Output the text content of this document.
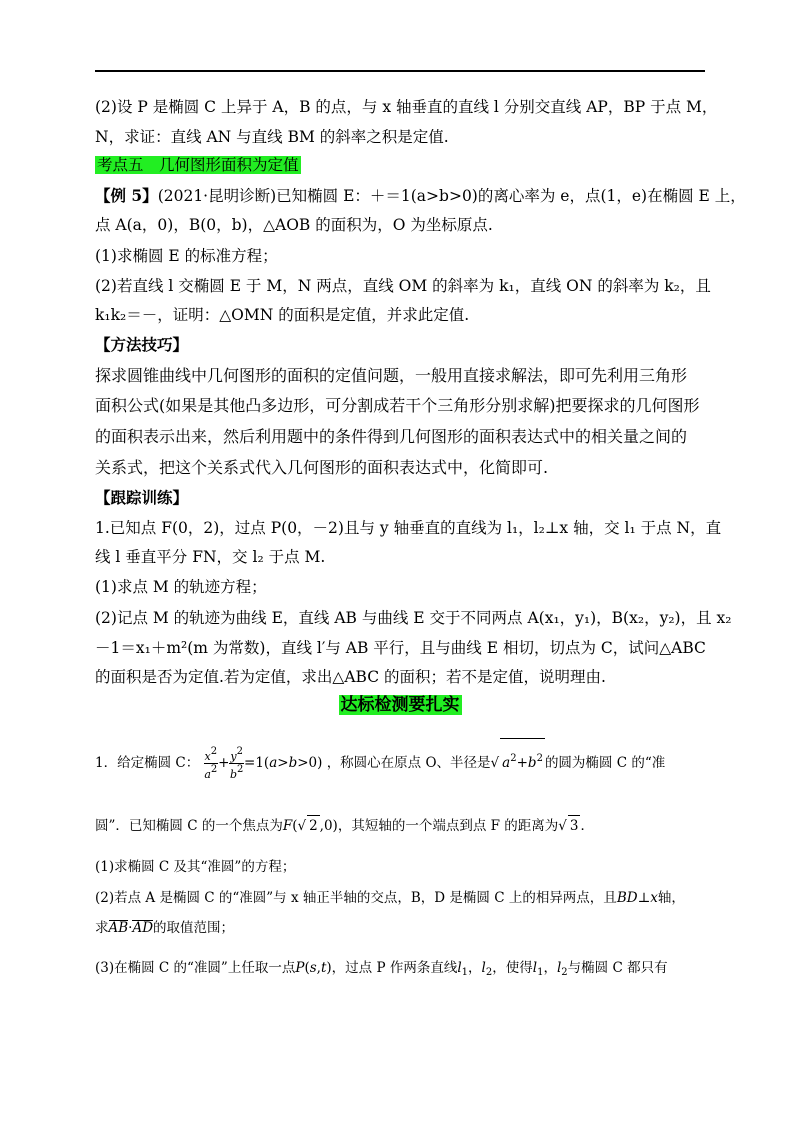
(2)设 P 是椭圆 C 上异于 A，B 的点，与 x 轴垂直的直线 l 分别交直线 AP，BP 于点 M，
N，求证：直线 AN 与直线 BM 的斜率之积是定值.
考点五　几何图形面积为定值
【例 5】(2021·昆明诊断)已知椭圆 E：＋＝1(a>b>0)的离心率为 e，点(1，e)在椭圆 E 上，
点 A(a，0)，B(0，b)，△AOB 的面积为，O 为坐标原点.
(1)求椭圆 E 的标准方程；
(2)若直线 l 交椭圆 E 于 M，N 两点，直线 OM 的斜率为 k₁，直线 ON 的斜率为 k₂，且
k₁k₂＝－，证明：△OMN 的面积是定值，并求此定值.
【方法技巧】
探求圆锥曲线中几何图形的面积的定值问题，一般用直接求解法，即可先利用三角形
面积公式(如果是其他凸多边形，可分割成若干个三角形分别求解)把要探求的几何图形
的面积表示出来，然后利用题中的条件得到几何图形的面积表达式中的相关量之间的
关系式，把这个关系式代入几何图形的面积表达式中，化简即可.
【跟踪训练】
1.已知点 F(0，2)，过点 P(0，－2)且与 y 轴垂直的直线为 l₁，l₂⊥x 轴，交 l₁ 于点 N，直
线 l 垂直平分 FN，交 l₂ 于点 M.
(1)求点 M 的轨迹方程；
(2)记点 M 的轨迹为曲线 E，直线 AB 与曲线 E 交于不同两点 A(x₁，y₁)，B(x₂，y₂)，且 x₂
－1＝x₁＋m²(m 为常数)，直线 l′与 AB 平行，且与曲线 E 相切，切点为 C，试问△ABC
的面积是否为定值.若为定值，求出△ABC 的面积；若不是定值，说明理由.
达标检测要扎实
1．给定椭圆 C： $\frac{x^2}{a^2} + \frac{y^2}{b^2} =1(a>b>0)$ ，称圆心在原点 O、半径是√ $a^2+b^2$ 的圆为椭圆 C 的“准
圆”．已知椭圆 C 的一个焦点为F(√ 2 ,0)，其短轴的一个端点到点 F 的距离为√ 3 ．
(1)求椭圆 C 及其“准圆”的方程；
(2)若点 A 是椭圆 C 的“准圆”与 x 轴正半轴的交点，B，D 是椭圆 C 上的相异两点，且BD⊥x轴，
求AB·AD的取值范围；
(3)在椭圆 C 的“准圆”上任取一点P(s,t)，过点 P 作两条直线$l_1$，$l_2$，使得$l_1$，$l_2$与椭圆 C 都只有
